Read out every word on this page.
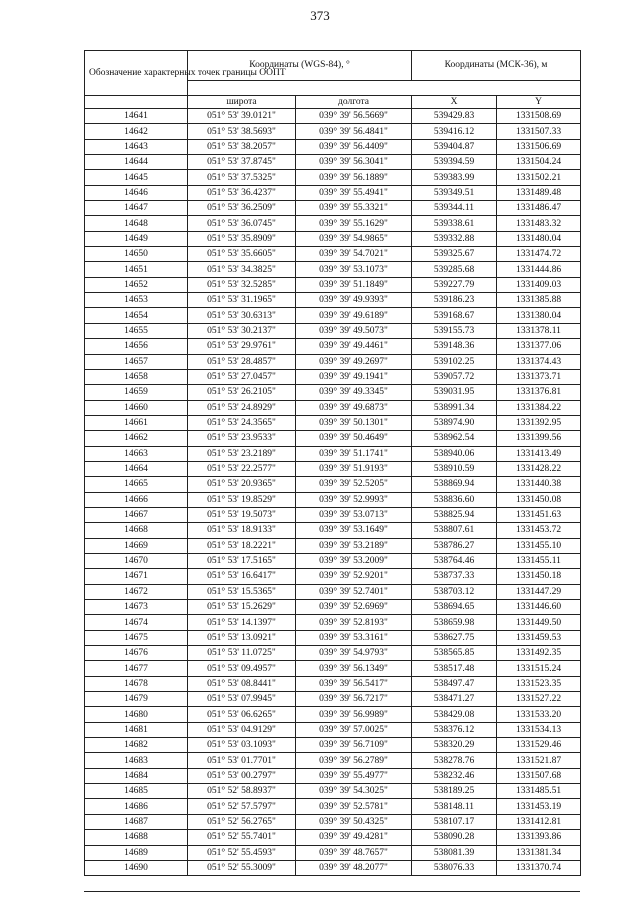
373
Обозначение характерных точек границы ООПТ	Координаты (WGS-84), °		Координаты (МСК-36), м	

	широта	долгота	X	Y
14641	051° 53' 39.0121"	039° 39' 56.5669"	539429.83	1331508.69
14642	051° 53' 38.5693"	039° 39' 56.4841"	539416.12	1331507.33
14643	051° 53' 38.2057"	039° 39' 56.4409"	539404.87	1331506.69
14644	051° 53' 37.8745"	039° 39' 56.3041"	539394.59	1331504.24
14645	051° 53' 37.5325"	039° 39' 56.1889"	539383.99	1331502.21
14646	051° 53' 36.4237"	039° 39' 55.4941"	539349.51	1331489.48
14647	051° 53' 36.2509"	039° 39' 55.3321"	539344.11	1331486.47
14648	051° 53' 36.0745"	039° 39' 55.1629"	539338.61	1331483.32
14649	051° 53' 35.8909"	039° 39' 54.9865"	539332.88	1331480.04
14650	051° 53' 35.6605"	039° 39' 54.7021"	539325.67	1331474.72
14651	051° 53' 34.3825"	039° 39' 53.1073"	539285.68	1331444.86
14652	051° 53' 32.5285"	039° 39' 51.1849"	539227.79	1331409.03
14653	051° 53' 31.1965"	039° 39' 49.9393"	539186.23	1331385.88
14654	051° 53' 30.6313"	039° 39' 49.6189"	539168.67	1331380.04
14655	051° 53' 30.2137"	039° 39' 49.5073"	539155.73	1331378.11
14656	051° 53' 29.9761"	039° 39' 49.4461"	539148.36	1331377.06
14657	051° 53' 28.4857"	039° 39' 49.2697"	539102.25	1331374.43
14658	051° 53' 27.0457"	039° 39' 49.1941"	539057.72	1331373.71
14659	051° 53' 26.2105"	039° 39' 49.3345"	539031.95	1331376.81
14660	051° 53' 24.8929"	039° 39' 49.6873"	538991.34	1331384.22
14661	051° 53' 24.3565"	039° 39' 50.1301"	538974.90	1331392.95
14662	051° 53' 23.9533"	039° 39' 50.4649"	538962.54	1331399.56
14663	051° 53' 23.2189"	039° 39' 51.1741"	538940.06	1331413.49
14664	051° 53' 22.2577"	039° 39' 51.9193"	538910.59	1331428.22
14665	051° 53' 20.9365"	039° 39' 52.5205"	538869.94	1331440.38
14666	051° 53' 19.8529"	039° 39' 52.9993"	538836.60	1331450.08
14667	051° 53' 19.5073"	039° 39' 53.0713"	538825.94	1331451.63
14668	051° 53' 18.9133"	039° 39' 53.1649"	538807.61	1331453.72
14669	051° 53' 18.2221"	039° 39' 53.2189"	538786.27	1331455.10
14670	051° 53' 17.5165"	039° 39' 53.2009"	538764.46	1331455.11
14671	051° 53' 16.6417"	039° 39' 52.9201"	538737.33	1331450.18
14672	051° 53' 15.5365"	039° 39' 52.7401"	538703.12	1331447.29
14673	051° 53' 15.2629"	039° 39' 52.6969"	538694.65	1331446.60
14674	051° 53' 14.1397"	039° 39' 52.8193"	538659.98	1331449.50
14675	051° 53' 13.0921"	039° 39' 53.3161"	538627.75	1331459.53
14676	051° 53' 11.0725"	039° 39' 54.9793"	538565.85	1331492.35
14677	051° 53' 09.4957"	039° 39' 56.1349"	538517.48	1331515.24
14678	051° 53' 08.8441"	039° 39' 56.5417"	538497.47	1331523.35
14679	051° 53' 07.9945"	039° 39' 56.7217"	538471.27	1331527.22
14680	051° 53' 06.6265"	039° 39' 56.9989"	538429.08	1331533.20
14681	051° 53' 04.9129"	039° 39' 57.0025"	538376.12	1331534.13
14682	051° 53' 03.1093"	039° 39' 56.7109"	538320.29	1331529.46
14683	051° 53' 01.7701"	039° 39' 56.2789"	538278.76	1331521.87
14684	051° 53' 00.2797"	039° 39' 55.4977"	538232.46	1331507.68
14685	051° 52' 58.8937"	039° 39' 54.3025"	538189.25	1331485.51
14686	051° 52' 57.5797"	039° 39' 52.5781"	538148.11	1331453.19
14687	051° 52' 56.2765"	039° 39' 50.4325"	538107.17	1331412.81
14688	051° 52' 55.7401"	039° 39' 49.4281"	538090.28	1331393.86
14689	051° 52' 55.4593"	039° 39' 48.7657"	538081.39	1331381.34
14690	051° 52' 55.3009"	039° 39' 48.2077"	538076.33	1331370.74
